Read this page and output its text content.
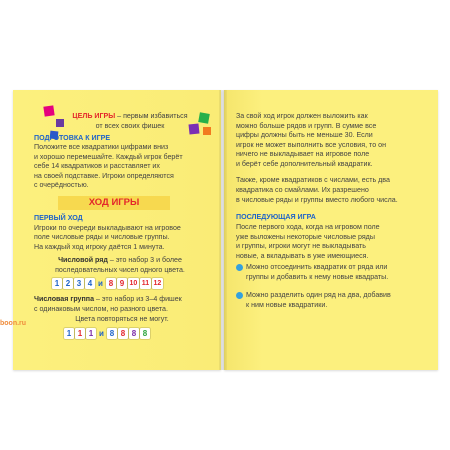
ЦЕЛЬ ИГРЫ – первым избавиться
от всех своих фишек
ПОДГОТОВКА К ИГРЕ
Положите все квадратики цифрами вниз
и хорошо перемешайте. Каждый игрок берёт
себе 14 квадратиков и расставляет их
на своей подставке. Игроки определяются
с очерёдностью.
ХОД ИГРЫ
ПЕРВЫЙ ХОД
Игроки по очереди выкладывают на игровое
поле числовые ряды и числовые группы.
На каждый ход игроку даётся 1 минута.
Числовой ряд – это набор 3 и более
последовательных чисел одного цвета.
1 2 3 4 и 8 9 10 11 12
Числовая группа – это набор из 3–4 фишек
с одинаковым числом, но разного цвета.
Цвета повторяться не могут.
1 1 1 и 8 8 8 8
boon.ru
За свой ход игрок должен выложить как
можно больше рядов и групп. В сумме все
цифры должны быть не меньше 30. Если
игрок не может выполнить все условия, то он
ничего не выкладывает на игровое поле
и берёт себе дополнительный квадратик.
Также, кроме квадратиков с числами, есть два
квадратика со смайлами. Их разрешено
в числовые ряды и группы вместо любого числа.
ПОСЛЕДУЮЩАЯ ИГРА
После первого хода, когда на игровом поле
уже выложены некоторые числовые ряды
и группы, игроки могут не выкладывать
новые, а вкладывать в уже имеющиеся.
Можно отсоединить квадратик от ряда или
группы и добавить к нему новые квадраты.
Можно разделить один ряд на два, добавив
к ним новые квадратики.
